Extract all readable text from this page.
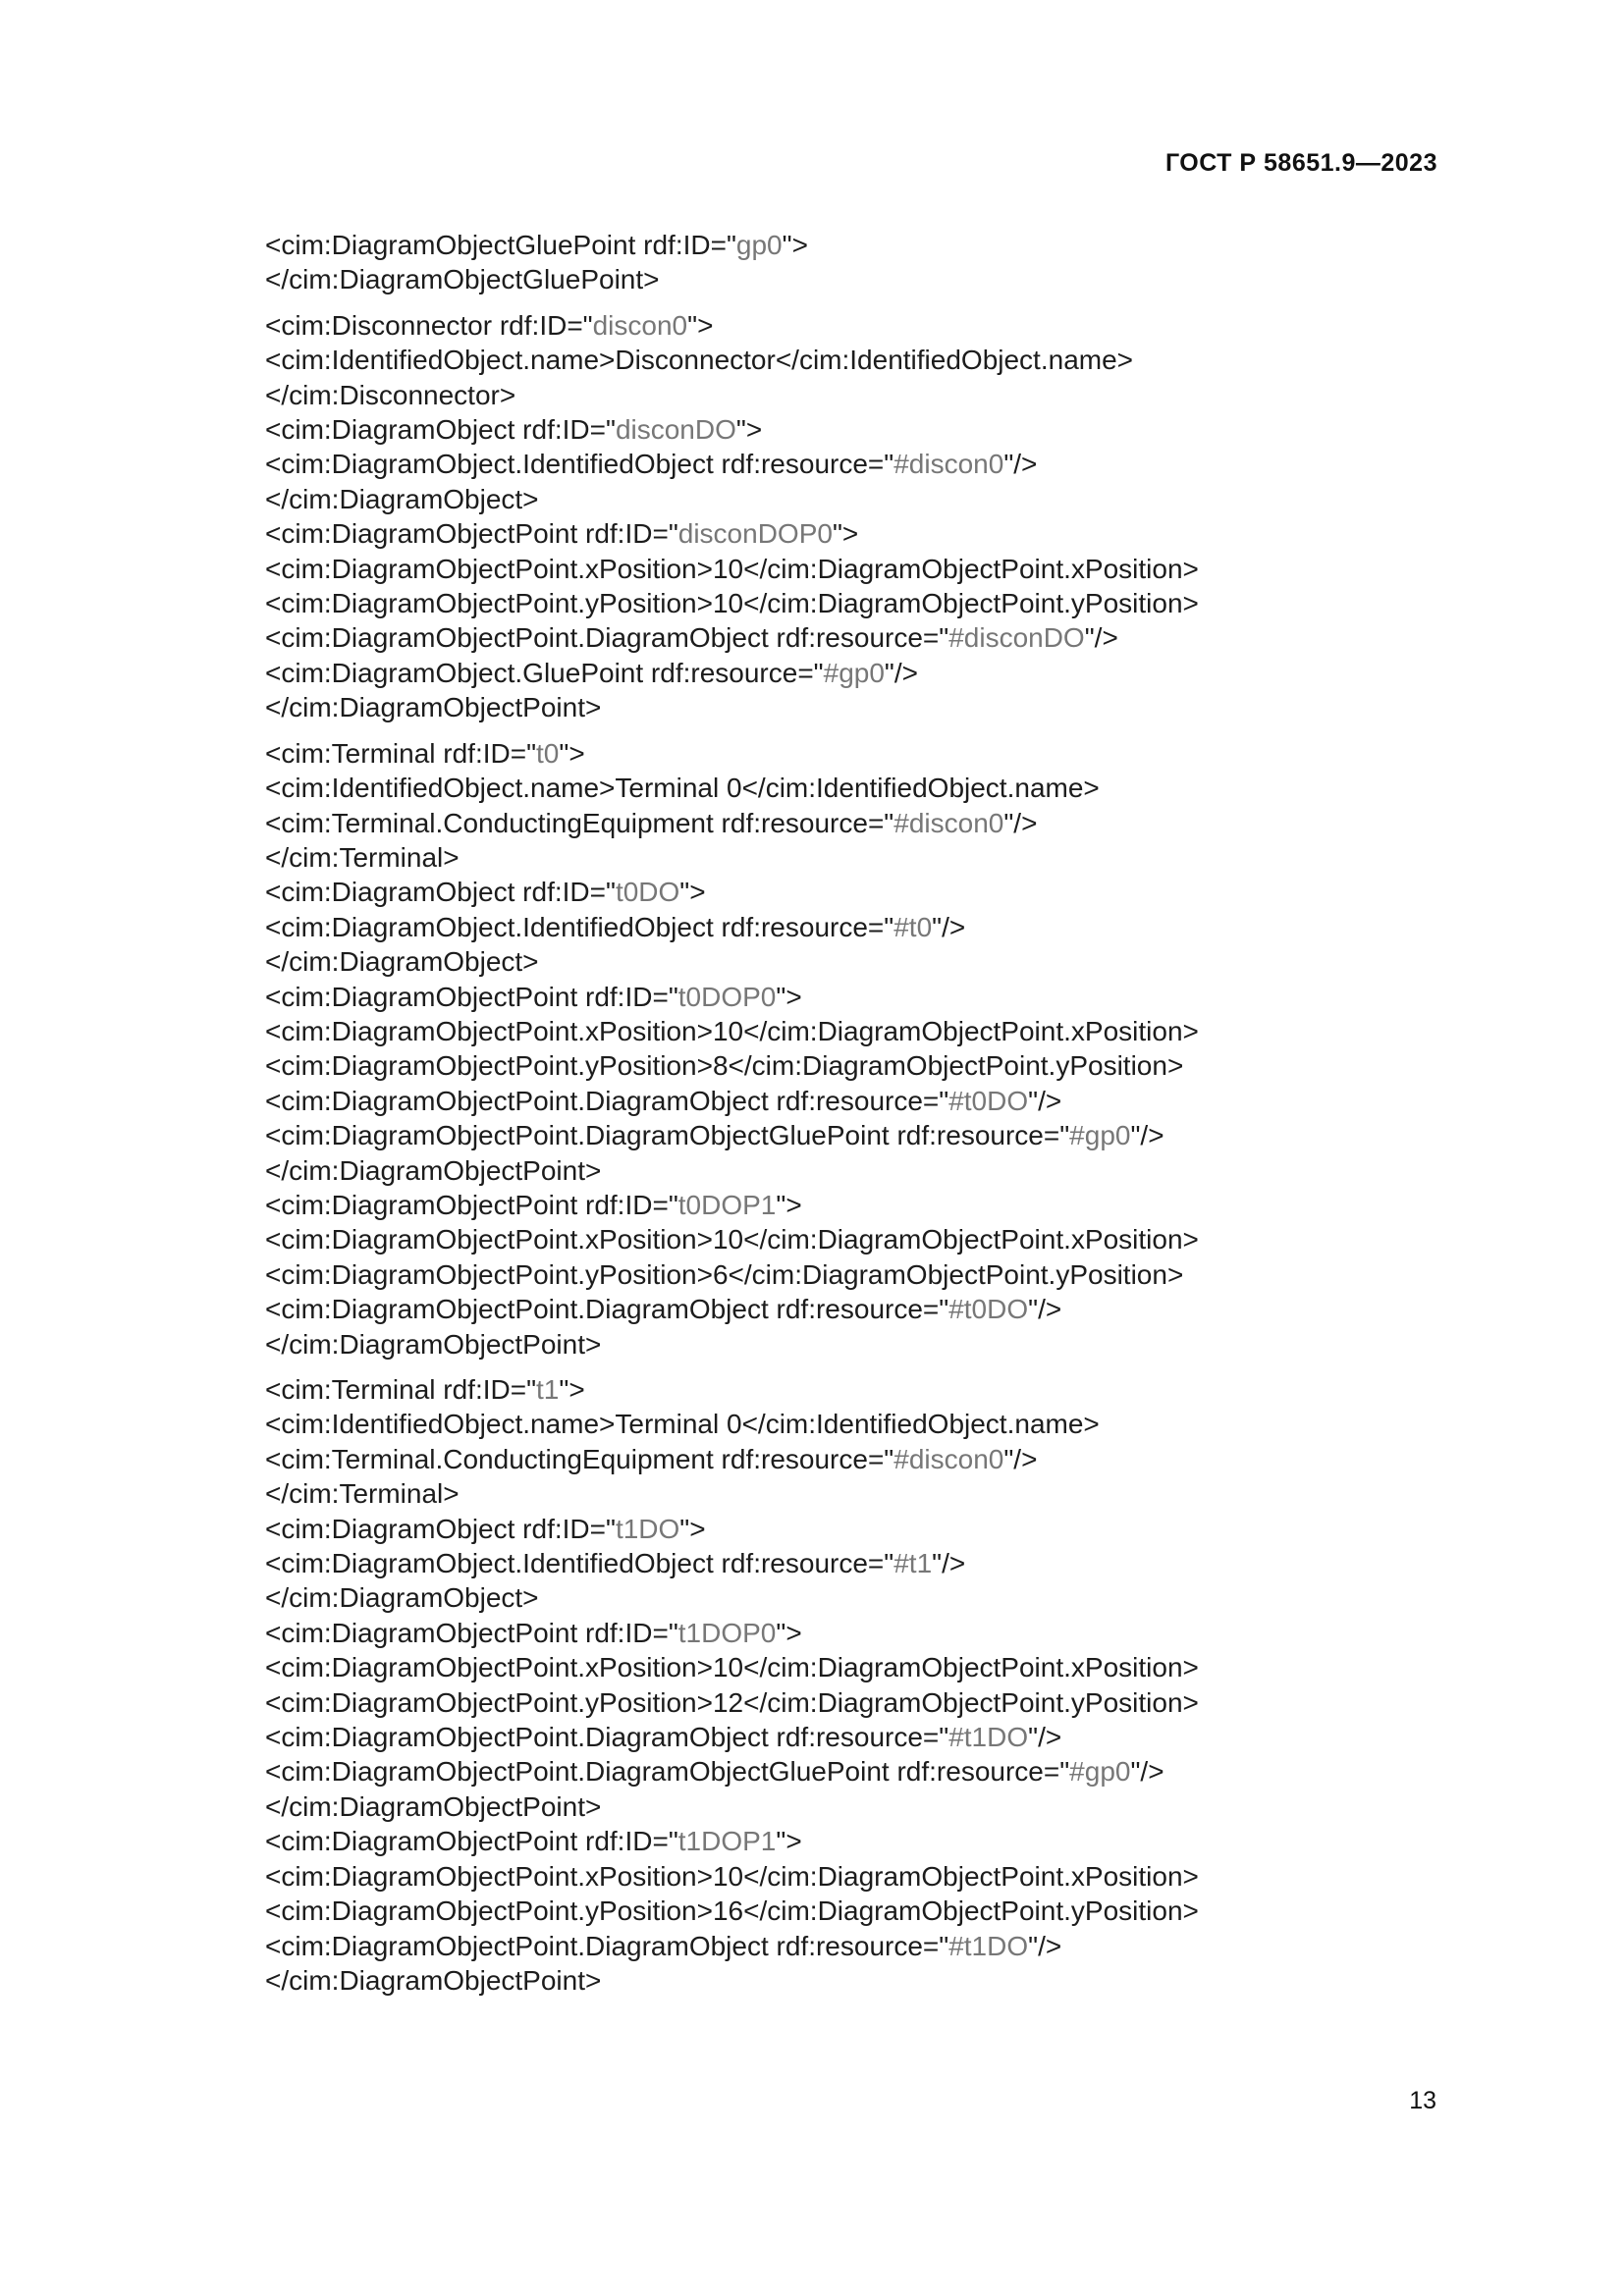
ГОСТ Р 58651.9—2023
<cim:DiagramObjectGluePoint rdf:ID="gp0">
</cim:DiagramObjectGluePoint>
<cim:Disconnector rdf:ID="discon0">
<cim:IdentifiedObject.name>Disconnector</cim:IdentifiedObject.name>
</cim:Disconnector>
<cim:DiagramObject rdf:ID="disconDO">
<cim:DiagramObject.IdentifiedObject rdf:resource="#discon0"/>
</cim:DiagramObject>
<cim:DiagramObjectPoint rdf:ID="disconDOP0">
<cim:DiagramObjectPoint.xPosition>10</cim:DiagramObjectPoint.xPosition>
<cim:DiagramObjectPoint.yPosition>10</cim:DiagramObjectPoint.yPosition>
<cim:DiagramObjectPoint.DiagramObject rdf:resource="#disconDO"/>
<cim:DiagramObject.GluePoint rdf:resource="#gp0"/>
</cim:DiagramObjectPoint>
<cim:Terminal rdf:ID="t0">
<cim:IdentifiedObject.name>Terminal 0</cim:IdentifiedObject.name>
<cim:Terminal.ConductingEquipment rdf:resource="#discon0"/>
</cim:Terminal>
<cim:DiagramObject rdf:ID="t0DO">
<cim:DiagramObject.IdentifiedObject rdf:resource="#t0"/>
</cim:DiagramObject>
<cim:DiagramObjectPoint rdf:ID="t0DOP0">
<cim:DiagramObjectPoint.xPosition>10</cim:DiagramObjectPoint.xPosition>
<cim:DiagramObjectPoint.yPosition>8</cim:DiagramObjectPoint.yPosition>
<cim:DiagramObjectPoint.DiagramObject rdf:resource="#t0DO"/>
<cim:DiagramObjectPoint.DiagramObjectGluePoint rdf:resource="#gp0"/>
</cim:DiagramObjectPoint>
<cim:DiagramObjectPoint rdf:ID="t0DOP1">
<cim:DiagramObjectPoint.xPosition>10</cim:DiagramObjectPoint.xPosition>
<cim:DiagramObjectPoint.yPosition>6</cim:DiagramObjectPoint.yPosition>
<cim:DiagramObjectPoint.DiagramObject rdf:resource="#t0DO"/>
</cim:DiagramObjectPoint>
<cim:Terminal rdf:ID="t1">
<cim:IdentifiedObject.name>Terminal 0</cim:IdentifiedObject.name>
<cim:Terminal.ConductingEquipment rdf:resource="#discon0"/>
</cim:Terminal>
<cim:DiagramObject rdf:ID="t1DO">
<cim:DiagramObject.IdentifiedObject rdf:resource="#t1"/>
</cim:DiagramObject>
<cim:DiagramObjectPoint rdf:ID="t1DOP0">
<cim:DiagramObjectPoint.xPosition>10</cim:DiagramObjectPoint.xPosition>
<cim:DiagramObjectPoint.yPosition>12</cim:DiagramObjectPoint.yPosition>
<cim:DiagramObjectPoint.DiagramObject rdf:resource="#t1DO"/>
<cim:DiagramObjectPoint.DiagramObjectGluePoint rdf:resource="#gp0"/>
</cim:DiagramObjectPoint>
<cim:DiagramObjectPoint rdf:ID="t1DOP1">
<cim:DiagramObjectPoint.xPosition>10</cim:DiagramObjectPoint.xPosition>
<cim:DiagramObjectPoint.yPosition>16</cim:DiagramObjectPoint.yPosition>
<cim:DiagramObjectPoint.DiagramObject rdf:resource="#t1DO"/>
</cim:DiagramObjectPoint>
13
